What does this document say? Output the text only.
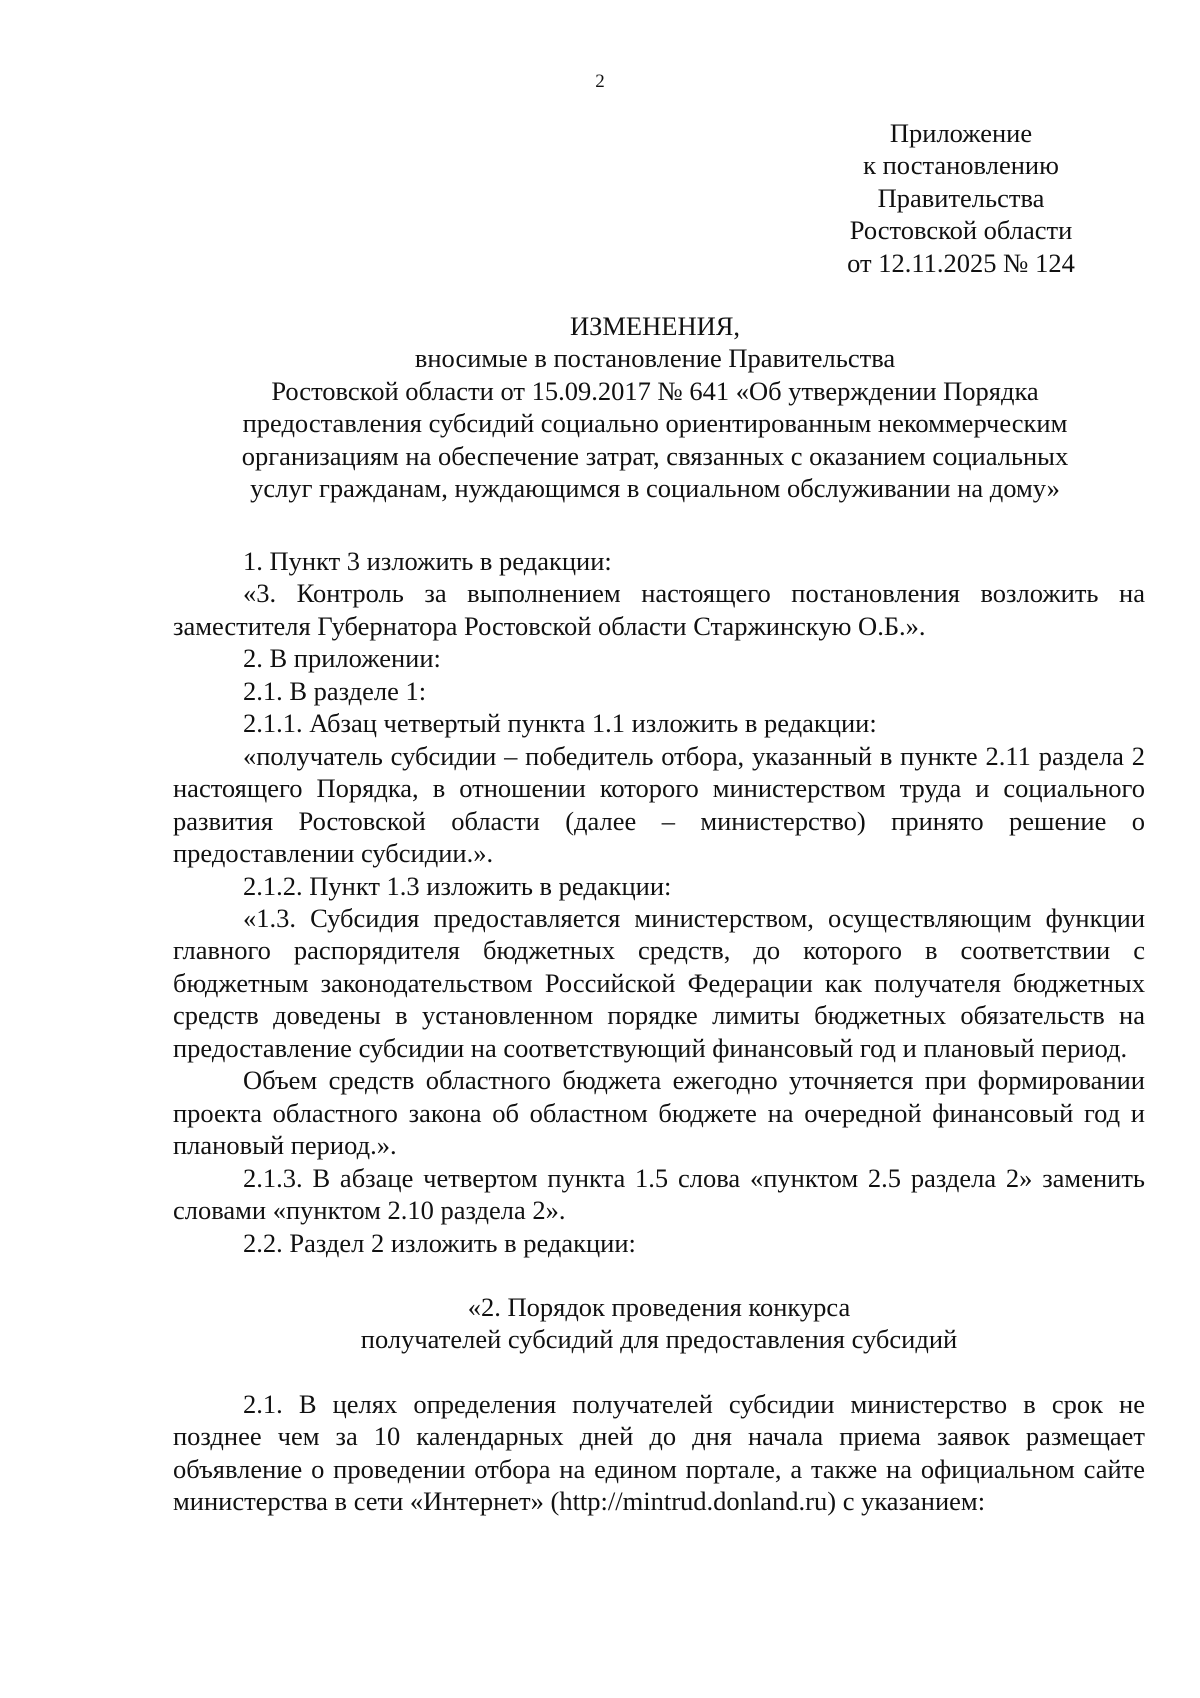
2
Приложение
к постановлению
Правительства
Ростовской области
от 12.11.2025 № 124
ИЗМЕНЕНИЯ,
вносимые в постановление Правительства
Ростовской области от 15.09.2017 № 641 «Об утверждении Порядка
предоставления субсидий социально ориентированным некоммерческим
организациям на обеспечение затрат, связанных с оказанием социальных
услуг гражданам, нуждающимся в социальном обслуживании на дому»

1. Пункт 3 изложить в редакции:

«3. Контроль за выполнением настоящего постановления возложить на заместителя Губернатора Ростовской области Старжинскую О.Б.».

2. В приложении:

2.1. В разделе 1:

2.1.1. Абзац четвертый пункта 1.1 изложить в редакции:

«получатель субсидии – победитель отбора, указанный в пункте 2.11 раздела 2 настоящего Порядка, в отношении которого министерством труда и социального развития Ростовской области (далее – министерство) принято решение о предоставлении субсидии.».

2.1.2. Пункт 1.3 изложить в редакции:

«1.3. Субсидия предоставляется министерством, осуществляющим функции главного распорядителя бюджетных средств, до которого в соответствии с бюджетным законодательством Российской Федерации как получателя бюджетных средств доведены в установленном порядке лимиты бюджетных обязательств на предоставление субсидии на соответствующий финансовый год и плановый период.

Объем средств областного бюджета ежегодно уточняется при формировании проекта областного закона об областном бюджете на очередной финансовый год и плановый период.».

2.1.3. В абзаце четвертом пункта 1.5 слова «пунктом 2.5 раздела 2» заменить словами «пунктом 2.10 раздела 2».

2.2. Раздел 2 изложить в редакции:

«2. Порядок проведения конкурса
получателей субсидий для предоставления субсидий

2.1. В целях определения получателей субсидии министерство в срок не позднее чем за 10 календарных дней до дня начала приема заявок размещает объявление о проведении отбора на едином портале, а также на официальном сайте министерства в сети «Интернет» (http://mintrud.donland.ru) с указанием:
